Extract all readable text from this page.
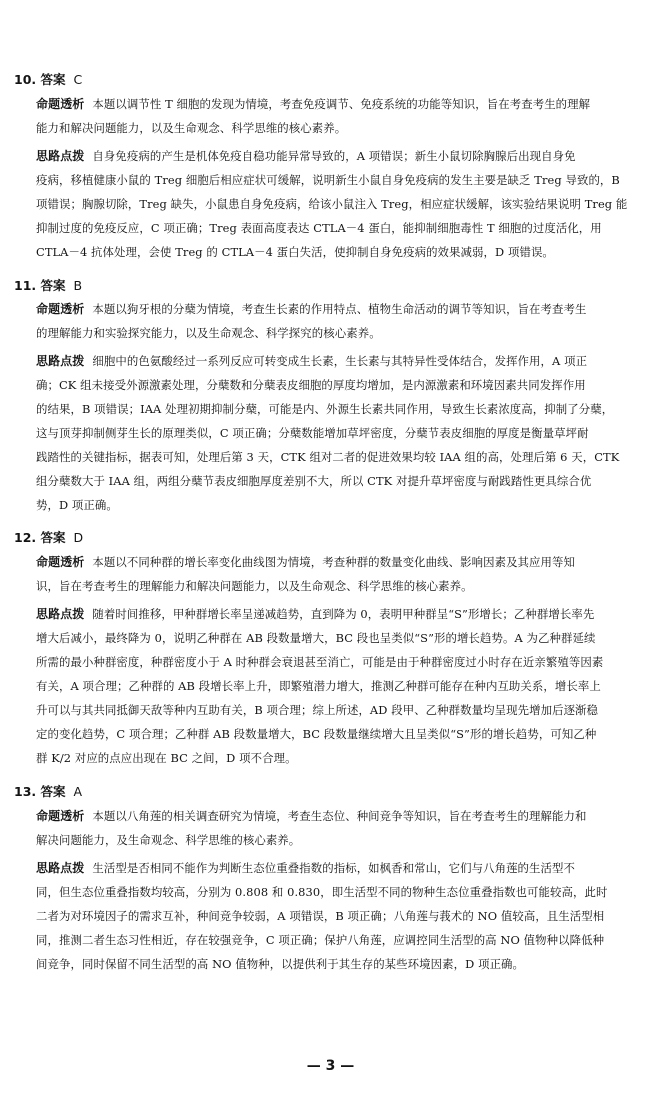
10. 答案 C
命题透析 本题以调节性 T 细胞的发现为情境，考查免疫调节、免疫系统的功能等知识，旨在考查考生的理解
能力和解决问题能力，以及生命观念、科学思维的核心素养。
思路点拨 自身免疫病的产生是机体免疫自稳功能异常导致的，A 项错误；新生小鼠切除胸腺后出现自身免
疫病，移植健康小鼠的 Treg 细胞后相应症状可缓解，说明新生小鼠自身免疫病的发生主要是缺乏 Treg 导致的，B
项错误；胸腺切除，Treg 缺失，小鼠患自身免疫病，给该小鼠注入 Treg，相应症状缓解，该实验结果说明 Treg 能
抑制过度的免疫反应，C 项正确；Treg 表面高度表达 CTLA－4 蛋白，能抑制细胞毒性 T 细胞的过度活化，用
CTLA－4 抗体处理，会使 Treg 的 CTLA－4 蛋白失活，使抑制自身免疫病的效果减弱，D 项错误。
11. 答案 B
命题透析 本题以狗牙根的分蘖为情境，考查生长素的作用特点、植物生命活动的调节等知识，旨在考查考生
的理解能力和实验探究能力，以及生命观念、科学探究的核心素养。
思路点拨 细胞中的色氨酸经过一系列反应可转变成生长素，生长素与其特异性受体结合，发挥作用，A 项正
确；CK 组未接受外源激素处理，分蘖数和分蘖表皮细胞的厚度均增加，是内源激素和环境因素共同发挥作用
的结果，B 项错误；IAA 处理初期抑制分蘖，可能是内、外源生长素共同作用，导致生长素浓度高，抑制了分蘖，
这与顶芽抑制侧芽生长的原理类似，C 项正确；分蘖数能增加草坪密度，分蘖节表皮细胞的厚度是衡量草坪耐
践踏性的关键指标，据表可知，处理后第 3 天，CTK 组对二者的促进效果均较 IAA 组的高，处理后第 6 天，CTK
组分蘖数大于 IAA 组，两组分蘖节表皮细胞厚度差别不大，所以 CTK 对提升草坪密度与耐践踏性更具综合优
势，D 项正确。
12. 答案 D
命题透析 本题以不同种群的增长率变化曲线图为情境，考查种群的数量变化曲线、影响因素及其应用等知
识，旨在考查考生的理解能力和解决问题能力，以及生命观念、科学思维的核心素养。
思路点拨 随着时间推移，甲种群增长率呈递减趋势，直到降为 0，表明甲种群呈“S”形增长；乙种群增长率先
增大后减小，最终降为 0，说明乙种群在 AB 段数量增大，BC 段也呈类似“S”形的增长趋势。A 为乙种群延续
所需的最小种群密度，种群密度小于 A 时种群会衰退甚至消亡，可能是由于种群密度过小时存在近亲繁殖等因素
有关，A 项合理；乙种群的 AB 段增长率上升，即繁殖潜力增大，推测乙种群可能存在种内互助关系，增长率上
升可以与其共同抵御天敌等种内互助有关，B 项合理；综上所述，AD 段甲、乙种群数量均呈现先增加后逐渐稳
定的变化趋势，C 项合理；乙种群 AB 段数量增大，BC 段数量继续增大且呈类似“S”形的增长趋势，可知乙种
群 K/2 对应的点应出现在 BC 之间，D 项不合理。
13. 答案 A
命题透析 本题以八角莲的相关调查研究为情境，考查生态位、种间竞争等知识，旨在考查考生的理解能力和
解决问题能力，及生命观念、科学思维的核心素养。
思路点拨 生活型是否相同不能作为判断生态位重叠指数的指标，如枫香和常山，它们与八角莲的生活型不
同，但生态位重叠指数均较高，分别为 0.808 和 0.830，即生活型不同的物种生态位重叠指数也可能较高，此时
二者为对环境因子的需求互补，种间竞争较弱，A 项错误，B 项正确；八角莲与莪术的 NO 值较高，且生活型相
同，推测二者生态习性相近，存在较强竞争，C 项正确；保护八角莲，应调控同生活型的高 NO 值物种以降低种
间竞争，同时保留不同生活型的高 NO 值物种，以提供利于其生存的某些环境因素，D 项正确。
— 3 —
